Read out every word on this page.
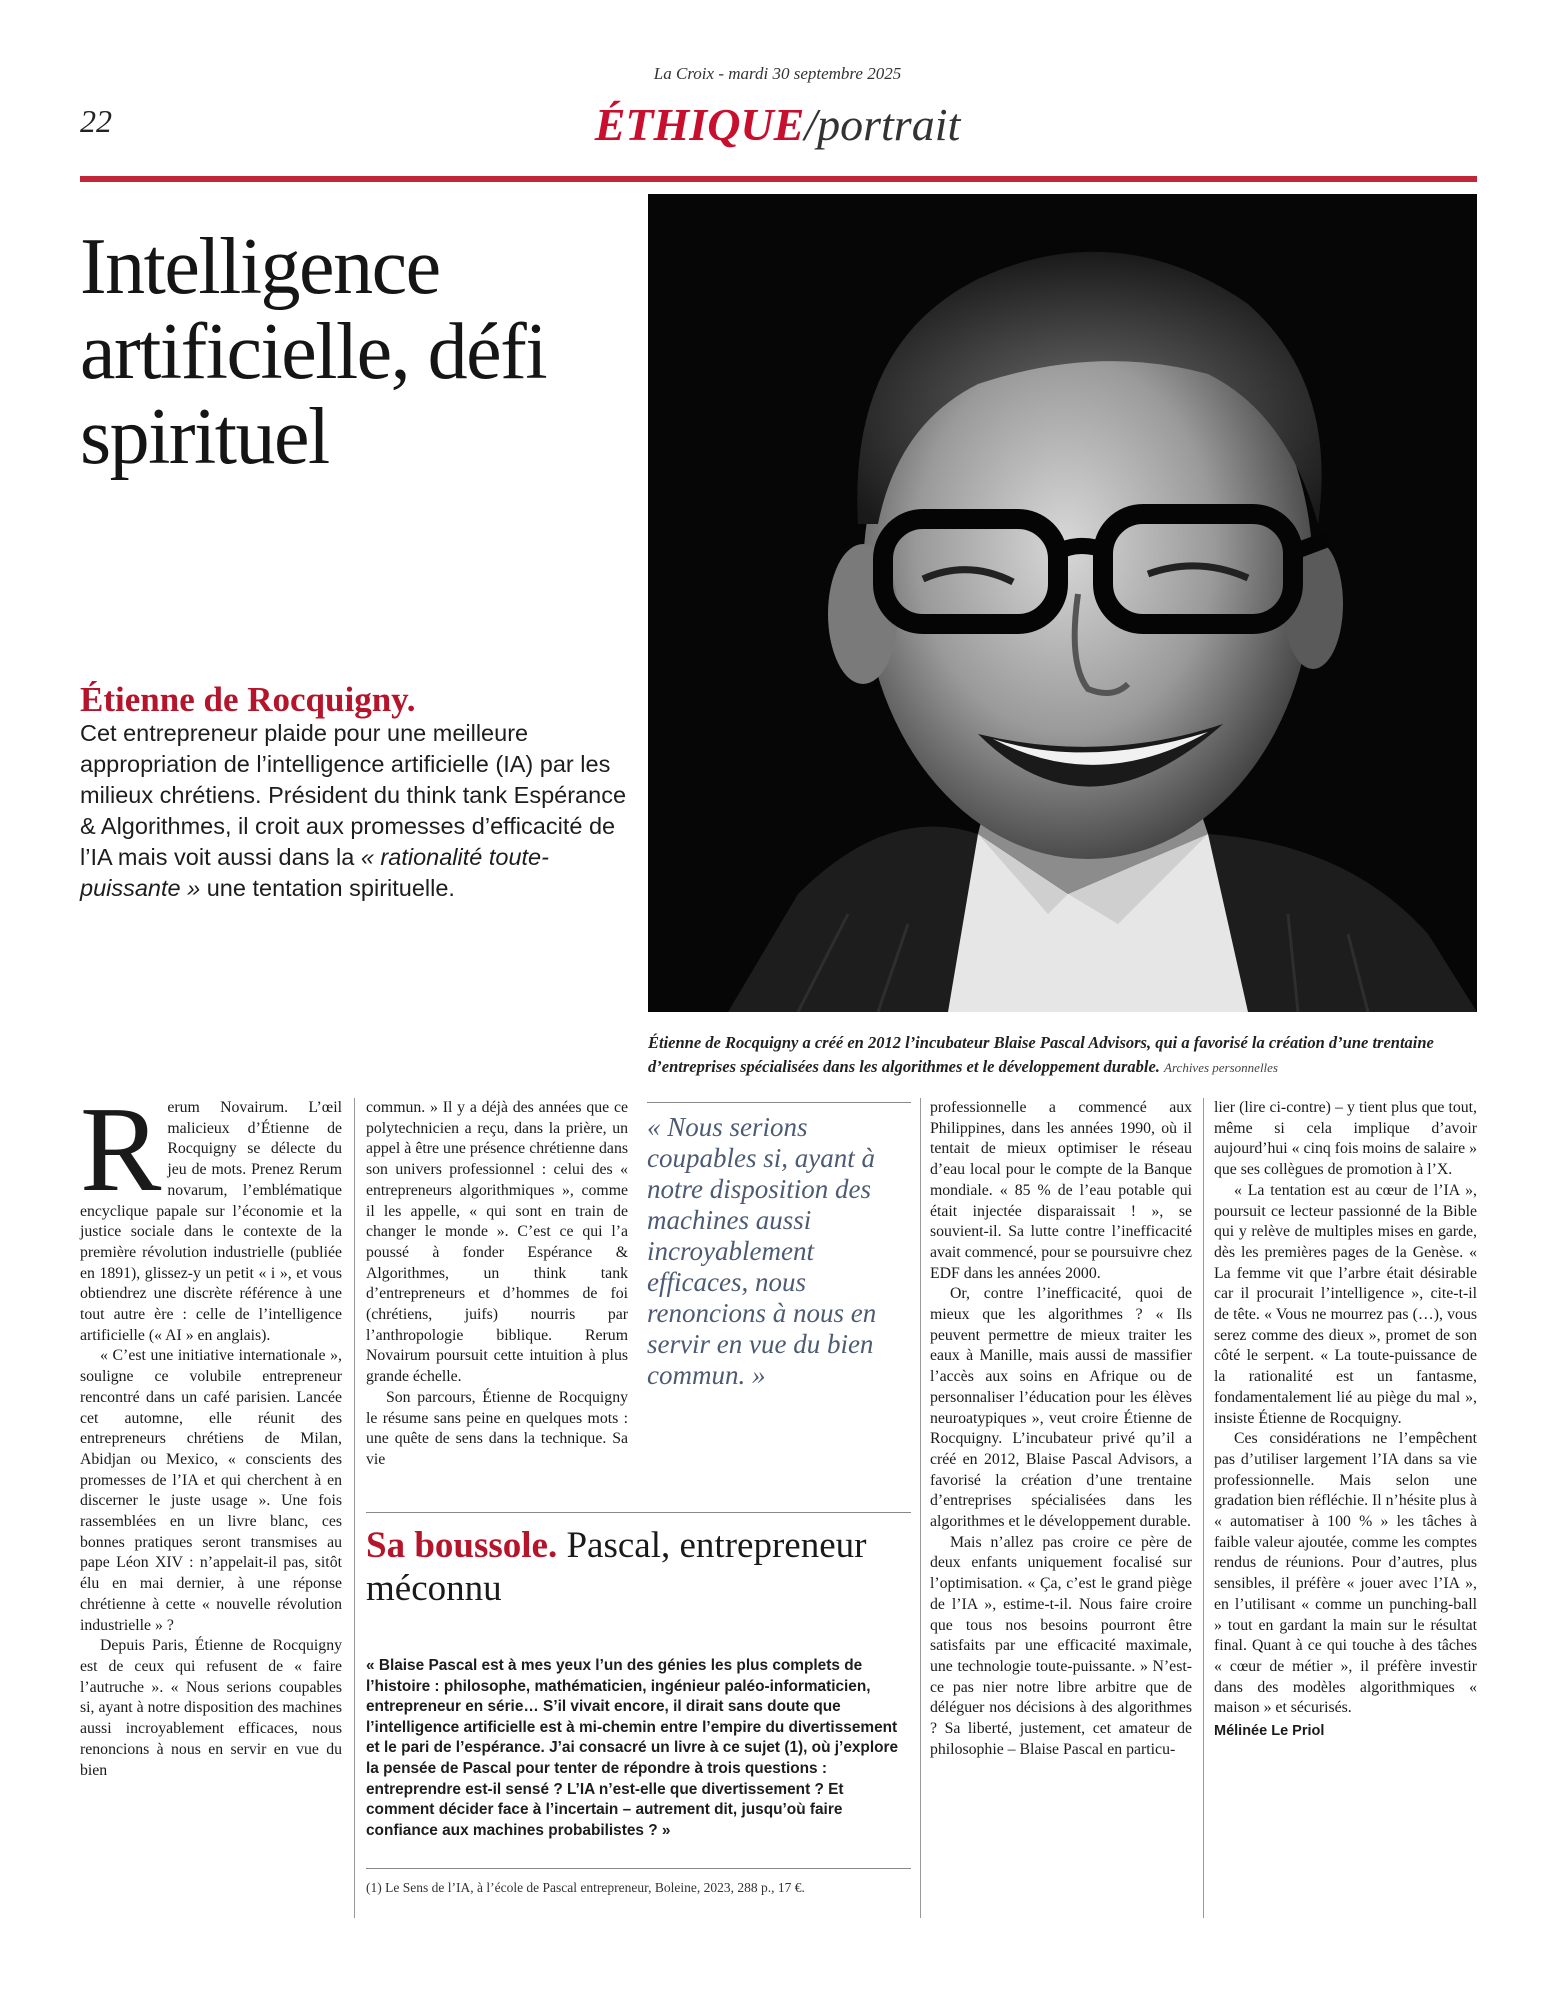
La Croix - mardi 30 septembre 2025
22	ÉTHIQUE/portrait
Intelligence artificielle, défi spirituel
Étienne de Rocquigny a créé en 2012 l’incubateur Blaise Pascal Advisors, qui a favorisé la création d’une trentaine d’entreprises spécialisées dans les algorithmes et le développement durable. Archives personnelles
Étienne de Rocquigny.

Cet entrepreneur plaide pour une meilleure appropriation de l’intelligence artificielle (IA) par les milieux chrétiens. Président du think tank Espérance & Algorithmes, il croit aux promesses d’efficacité de l’IA mais voit aussi dans la « rationalité toute-puissante » une tentation spirituelle.

Rerum Novairum. L’œil malicieux d’Étienne de Rocquigny se délecte du jeu de mots. Prenez Rerum novarum, l’emblématique encyclique papale sur l’économie et la justice sociale dans le contexte de la première révolution industrielle (publiée en 1891), glissez-y un petit « i », et vous obtiendrez une discrète référence à une tout autre ère : celle de l’intelligence artificielle (« AI » en anglais).

« C’est une initiative internationale », souligne ce volubile entrepreneur rencontré dans un café parisien. Lancée cet automne, elle réunit des entrepreneurs chrétiens de Milan, Abidjan ou Mexico, « conscients des promesses de l’IA et qui cherchent à en discerner le juste usage ». Une fois rassemblées en un livre blanc, ces bonnes pratiques seront transmises au pape Léon XIV : n’appelait-il pas, sitôt élu en mai dernier, à une réponse chrétienne à cette « nouvelle révolution industrielle » ?

Depuis Paris, Étienne de Rocquigny est de ceux qui refusent de « faire l’autruche ». « Nous serions coupables si, ayant à notre disposition des machines aussi incroyablement efficaces, nous renoncions à nous en servir en vue du bien

commun. » Il y a déjà des années que ce polytechnicien a reçu, dans la prière, un appel à être une présence chrétienne dans son univers professionnel : celui des « entrepreneurs algorithmiques », comme il les appelle, « qui sont en train de changer le monde ». C’est ce qui l’a poussé à fonder Espérance & Algorithmes, un think tank d’entrepreneurs et d’hommes de foi (chrétiens, juifs) nourris par l’anthropologie biblique. Rerum Novairum poursuit cette intuition à plus grande échelle.

Son parcours, Étienne de Rocquigny le résume sans peine en quelques mots : une quête de sens dans la technique. Sa vie

« Nous serions coupables si, ayant à notre disposition des machines aussi incroyablement efficaces, nous renoncions à nous en servir en vue du bien commun. »
Sa boussole. Pascal, entrepreneur méconnu
« Blaise Pascal est à mes yeux l’un des génies les plus complets de l’histoire : philosophe, mathématicien, ingénieur paléo-informaticien, entrepreneur en série… S’il vivait encore, il dirait sans doute que l’intelligence artificielle est à mi-chemin entre l’empire du divertissement et le pari de l’espérance. J’ai consacré un livre à ce sujet (1), où j’explore la pensée de Pascal pour tenter de répondre à trois questions : entreprendre est-il sensé ? L’IA n’est-elle que divertissement ? Et comment décider face à l’incertain – autrement dit, jusqu’où faire confiance aux machines probabilistes ? »
(1) Le Sens de l’IA, à l’école de Pascal entrepreneur, Boleine, 2023, 288 p., 17 €.

professionnelle a commencé aux Philippines, dans les années 1990, où il tentait de mieux optimiser le réseau d’eau local pour le compte de la Banque mondiale. « 85 % de l’eau potable qui était injectée disparaissait ! », se souvient-il. Sa lutte contre l’inefficacité avait commencé, pour se poursuivre chez EDF dans les années 2000.

Or, contre l’inefficacité, quoi de mieux que les algorithmes ? « Ils peuvent permettre de mieux traiter les eaux à Manille, mais aussi de massifier l’accès aux soins en Afrique ou de personnaliser l’éducation pour les élèves neuroatypiques », veut croire Étienne de Rocquigny. L’incubateur privé qu’il a créé en 2012, Blaise Pascal Advisors, a favorisé la création d’une trentaine d’entreprises spécialisées dans les algorithmes et le développement durable.

Mais n’allez pas croire ce père de deux enfants uniquement focalisé sur l’optimisation. « Ça, c’est le grand piège de l’IA », estime-t-il. Nous faire croire que tous nos besoins pourront être satisfaits par une efficacité maximale, une technologie toute-puissante. » N’est-ce pas nier notre libre arbitre que de déléguer nos décisions à des algorithmes ? Sa liberté, justement, cet amateur de philosophie – Blaise Pascal en particu-

lier (lire ci-contre) – y tient plus que tout, même si cela implique d’avoir aujourd’hui « cinq fois moins de salaire » que ses collègues de promotion à l’X.

« La tentation est au cœur de l’IA », poursuit ce lecteur passionné de la Bible qui y relève de multiples mises en garde, dès les premières pages de la Genèse. « La femme vit que l’arbre était désirable car il procurait l’intelligence », cite-t-il de tête. « Vous ne mourrez pas (…), vous serez comme des dieux », promet de son côté le serpent. « La toute-puissance de la rationalité est un fantasme, fondamentalement lié au piège du mal », insiste Étienne de Rocquigny.

Ces considérations ne l’empêchent pas d’utiliser largement l’IA dans sa vie professionnelle. Mais selon une gradation bien réfléchie. Il n’hésite plus à « automatiser à 100 % » les tâches à faible valeur ajoutée, comme les comptes rendus de réunions. Pour d’autres, plus sensibles, il préfère « jouer avec l’IA », en l’utilisant « comme un punching-ball » tout en gardant la main sur le résultat final. Quant à ce qui touche à des tâches « cœur de métier », il préfère investir dans des modèles algorithmiques « maison » et sécurisés.

Mélinée Le Priol
